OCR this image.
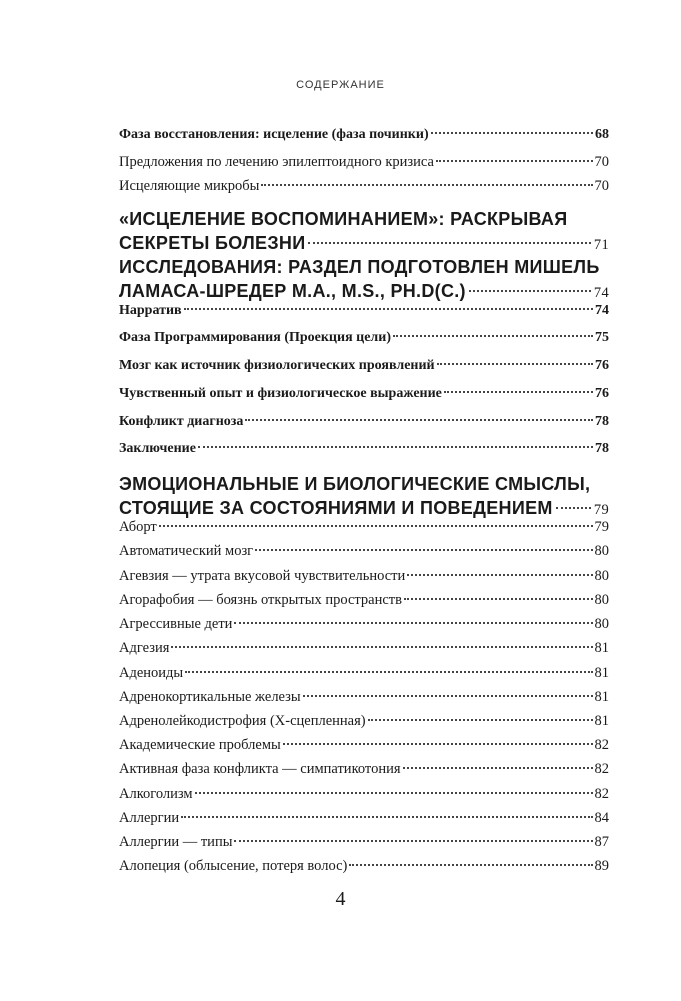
СОДЕРЖАНИЕ
Фаза восстановления: исцеление (фаза починки)	68
Предложения по лечению эпилептоидного кризиса	70
Исцеляющие микробы	70
«ИСЦЕЛЕНИЕ ВОСПОМИНАНИЕМ»: РАСКРЫВАЯ
СЕКРЕТЫ БОЛЕЗНИ	71
ИССЛЕДОВАНИЯ: РАЗДЕЛ ПОДГОТОВЛЕН МИШЕЛЬ
ЛАМАСА-ШРЕДЕР M.A., M.S., PH.D(C.)	74
Нарратив	74
Фаза Программирования (Проекция цели)	75
Мозг как источник физиологических проявлений	76
Чувственный опыт и физиологическое выражение	76
Конфликт диагноза	78
Заключение	78
ЭМОЦИОНАЛЬНЫЕ И БИОЛОГИЧЕСКИЕ СМЫСЛЫ,
СТОЯЩИЕ ЗА СОСТОЯНИЯМИ И ПОВЕДЕНИЕМ	79
Аборт	79
Автоматический мозг	80
Агевзия — утрата вкусовой чувствительности	80
Агорафобия — боязнь открытых пространств	80
Агрессивные дети	80
Адгезия	81
Аденоиды	81
Адренокортикальные железы	81
Адренолейкодистрофия (X-сцепленная)	81
Академические проблемы	82
Активная фаза конфликта — симпатикотония	82
Алкоголизм	82
Аллергии	84
Аллергии — типы	87
Алопеция (облысение, потеря волос)	89
4
